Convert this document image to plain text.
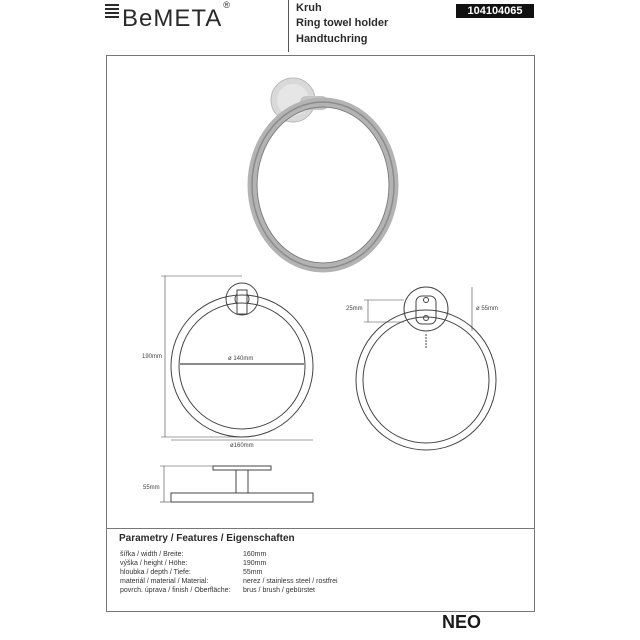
BeMETA®	Kruh
Ring towel holder
Handtuchring
104104065
190mm	ø 140mm
ø160mm
55mm
25mm	ø 55mm
Parametry / Features / Eigenschaften
šířka / width / Breite:	160mm
výška / height / Höhe:	190mm
hloubka / depth / Tiefe:	55mm
materiál / material / Material:	nerez / stainless steel / rostfrei
povrch. úprava / finish / Oberfläche: brus / brush / gebürstet
NEO
